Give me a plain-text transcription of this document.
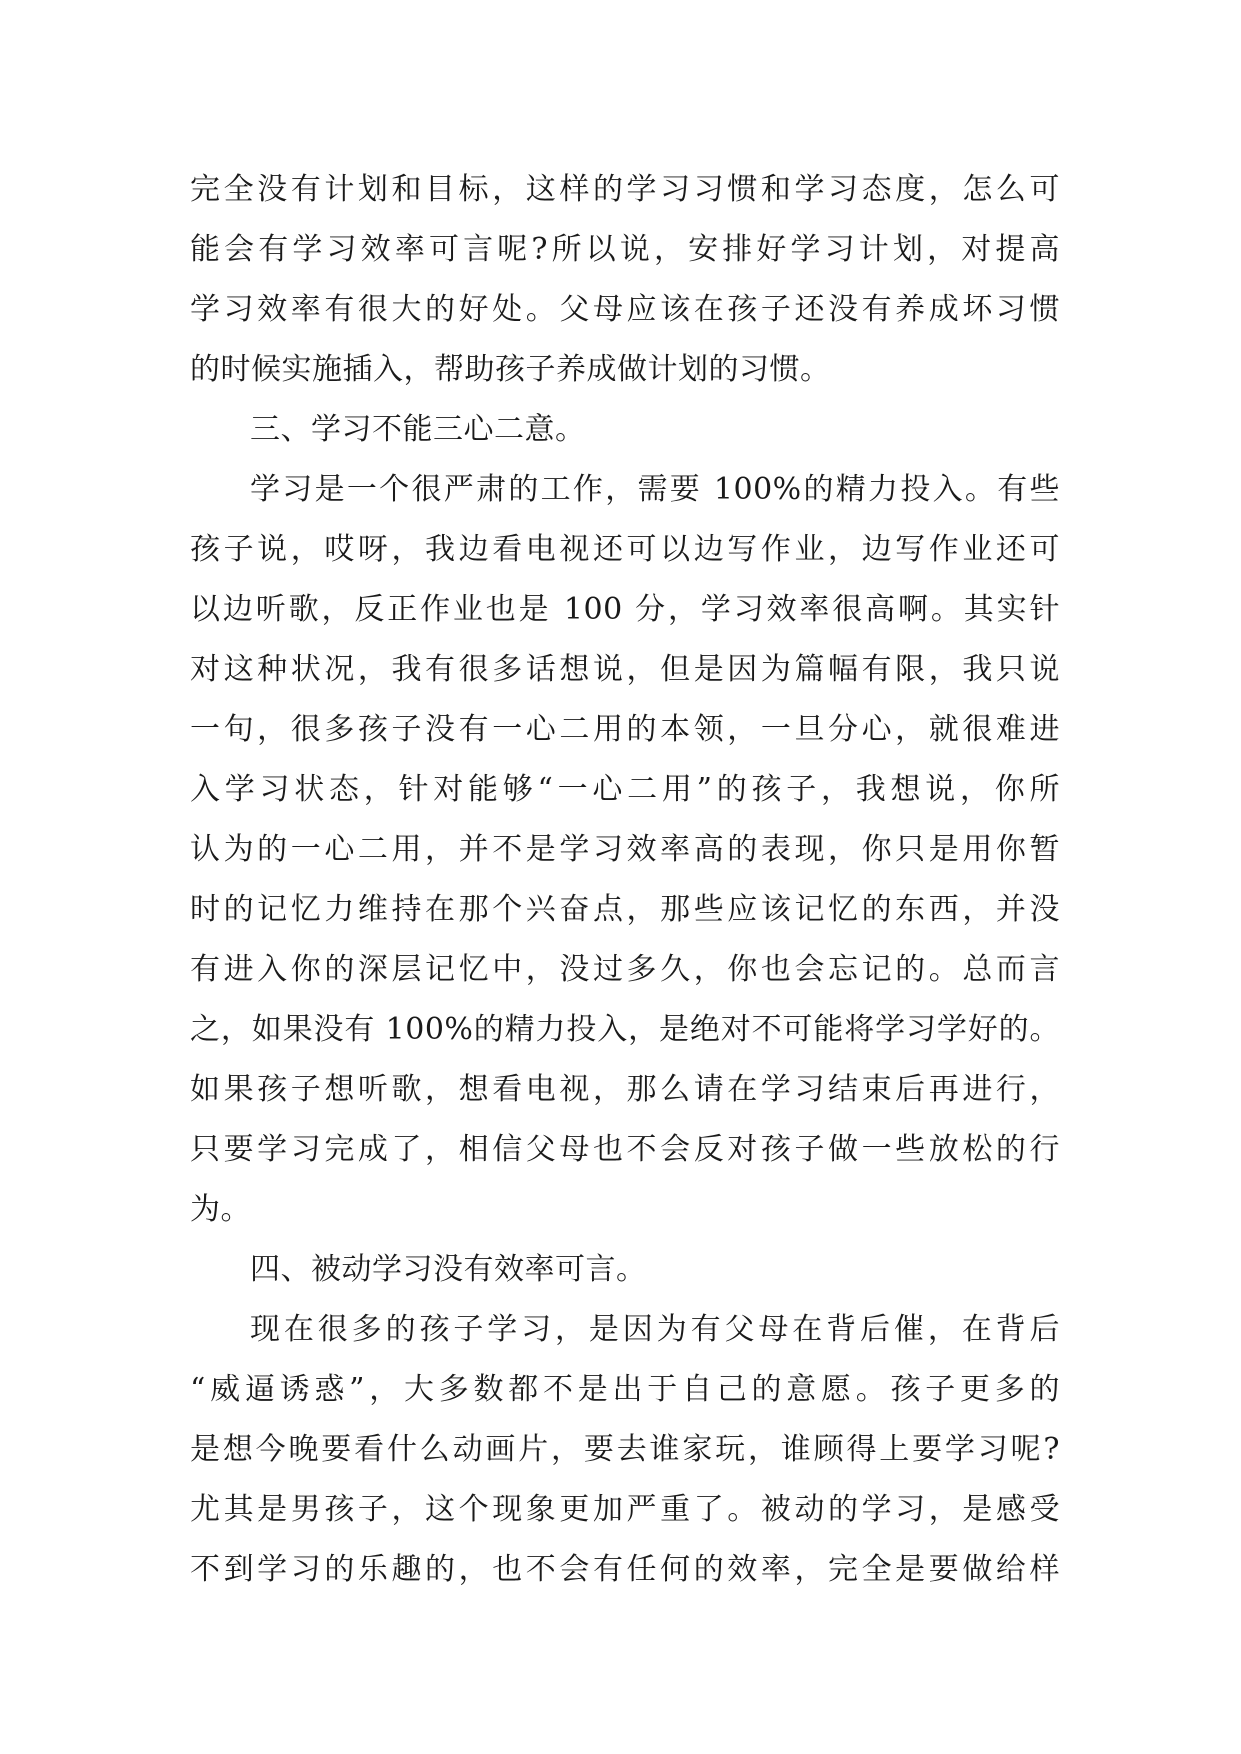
完全没有计划和目标，这样的学习习惯和学习态度，怎么可
能会有学习效率可言呢?所以说，安排好学习计划，对提高
学习效率有很大的好处。父母应该在孩子还没有养成坏习惯
的时候实施插入，帮助孩子养成做计划的习惯。
三、学习不能三心二意。
学习是一个很严肃的工作，需要 100%的精力投入。有些
孩子说，哎呀，我边看电视还可以边写作业，边写作业还可
以边听歌，反正作业也是 100 分，学习效率很高啊。其实针
对这种状况，我有很多话想说，但是因为篇幅有限，我只说
一句，很多孩子没有一心二用的本领，一旦分心，就很难进
入学习状态，针对能够“一心二用”的孩子，我想说，你所
认为的一心二用，并不是学习效率高的表现，你只是用你暂
时的记忆力维持在那个兴奋点，那些应该记忆的东西，并没
有进入你的深层记忆中，没过多久，你也会忘记的。总而言
之，如果没有 100%的精力投入，是绝对不可能将学习学好的。
如果孩子想听歌，想看电视，那么请在学习结束后再进行，
只要学习完成了，相信父母也不会反对孩子做一些放松的行
为。
四、被动学习没有效率可言。
现在很多的孩子学习，是因为有父母在背后催，在背后
“威逼诱惑”，大多数都不是出于自己的意愿。孩子更多的
是想今晚要看什么动画片，要去谁家玩，谁顾得上要学习呢?
尤其是男孩子，这个现象更加严重了。被动的学习，是感受
不到学习的乐趣的，也不会有任何的效率，完全是要做给样
